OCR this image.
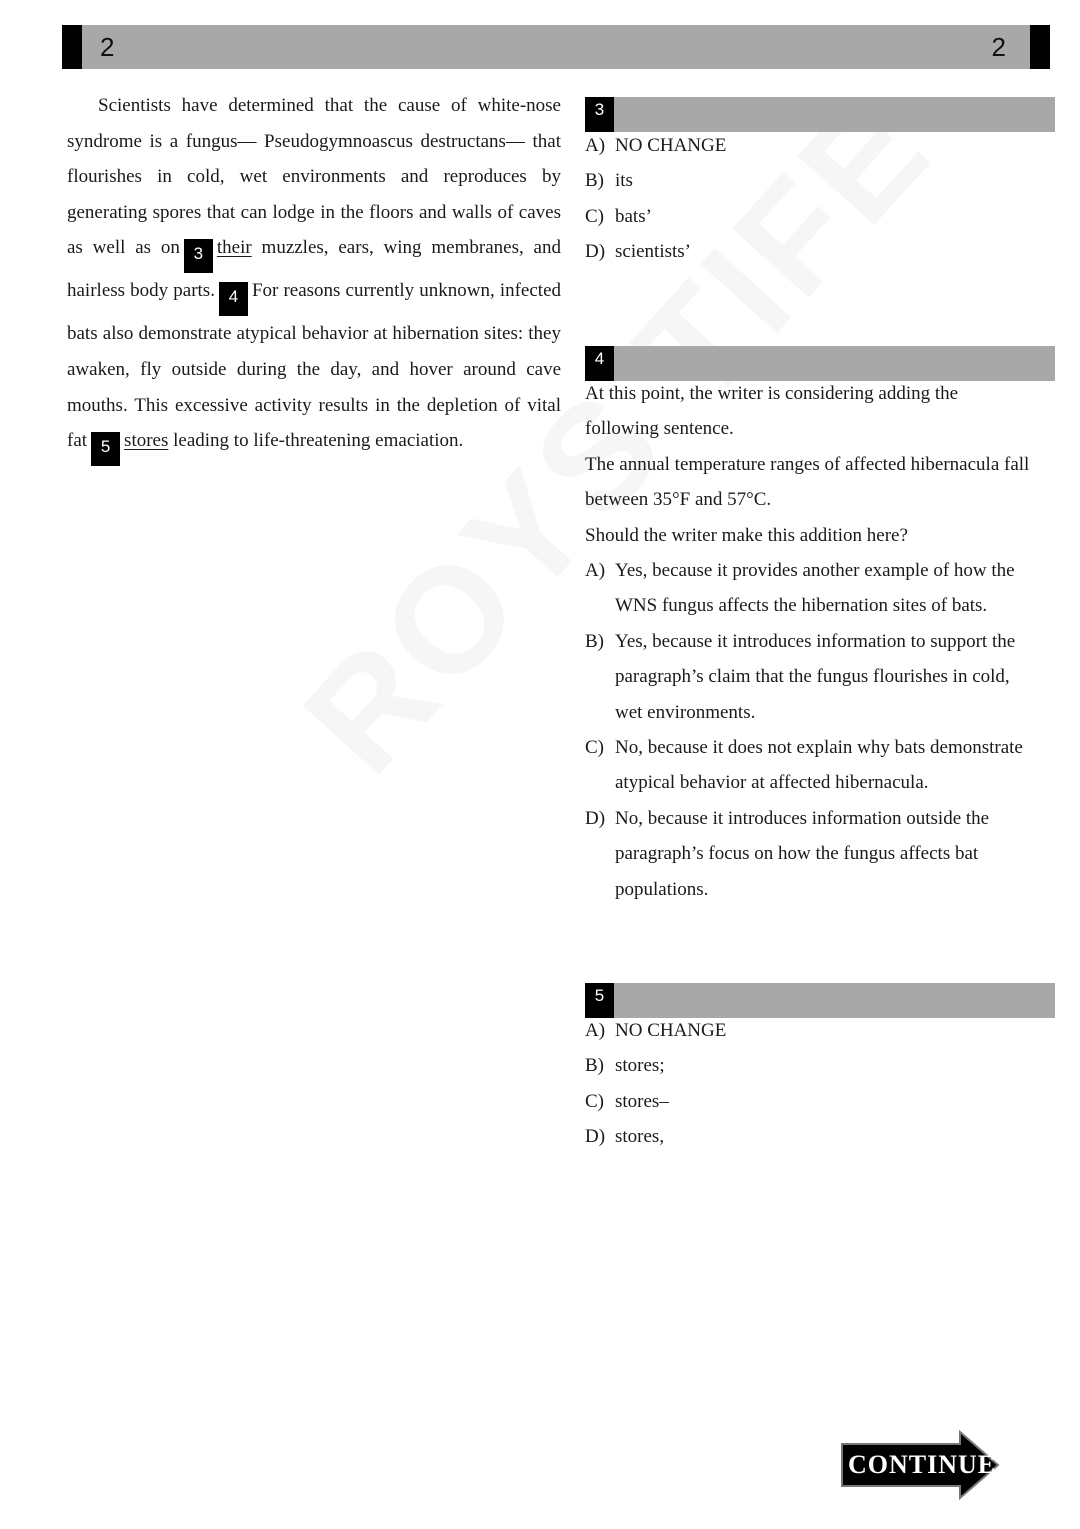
2	2

Scientists have determined that the cause of white-nose syndrome is a fungus— Pseudogymnoascus destructans— that flourishes in cold, wet environments and reproduces by generating spores that can lodge in the floors and walls of caves as well as on 3 their muzzles, ears, wing membranes, and hairless body parts. 4 For reasons currently unknown, infected bats also demonstrate atypical behavior at hibernation sites: they awaken, fly outside during the day, and hover around cave mouths. This excessive activity results in the depletion of vital fat 5 stores leading to life-threatening emaciation.

3
A) NO CHANGE
B) its
C) bats’
D) scientists’
4
At this point, the writer is considering adding the
following sentence.
The annual temperature ranges of affected hibernacula fall
between 35°F and 57°C.
Should the writer make this addition here?
A) Yes, because it provides another example of how the WNS fungus affects the hibernation sites of bats.
B) Yes, because it introduces information to support the paragraph’s claim that the fungus flourishes in cold, wet environments.
C) No, because it does not explain why bats demonstrate atypical behavior at affected hibernacula.
D) No, because it introduces information outside the paragraph’s focus on how the fungus affects bat populations.
5
A) NO CHANGE
B) stores;
C) stores–
D) stores,
CONTINUE
